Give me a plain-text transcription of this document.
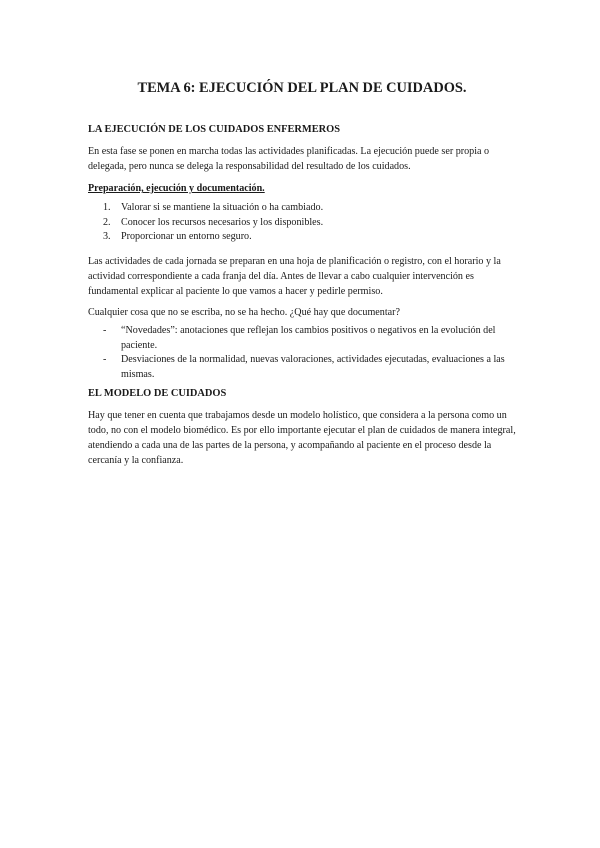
TEMA 6: EJECUCIÓN DEL PLAN DE CUIDADOS.
LA EJECUCIÓN DE LOS CUIDADOS ENFERMEROS

En esta fase se ponen en marcha todas las actividades planificadas. La ejecución puede ser propia o delegada, pero nunca se delega la responsabilidad del resultado de los cuidados.

Preparación, ejecución y documentación.
1. Valorar si se mantiene la situación o ha cambiado.
2. Conocer los recursos necesarios y los disponibles.
3. Proporcionar un entorno seguro.

Las actividades de cada jornada se preparan en una hoja de planificación o registro, con el horario y la actividad correspondiente a cada franja del día. Antes de llevar a cabo cualquier intervención es fundamental explicar al paciente lo que vamos a hacer y pedirle permiso.

Cualquier cosa que no se escriba, no se ha hecho. ¿Qué hay que documentar?

- “Novedades”: anotaciones que reflejan los cambios positivos o negativos en la evolución del paciente.
- Desviaciones de la normalidad, nuevas valoraciones, actividades ejecutadas, evaluaciones a las mismas.
EL MODELO DE CUIDADOS

Hay que tener en cuenta que trabajamos desde un modelo holístico, que considera a la persona como un todo, no con el modelo biomédico. Es por ello importante ejecutar el plan de cuidados de manera integral, atendiendo a cada una de las partes de la persona, y acompañando al paciente en el proceso desde la cercanía y la confianza.
